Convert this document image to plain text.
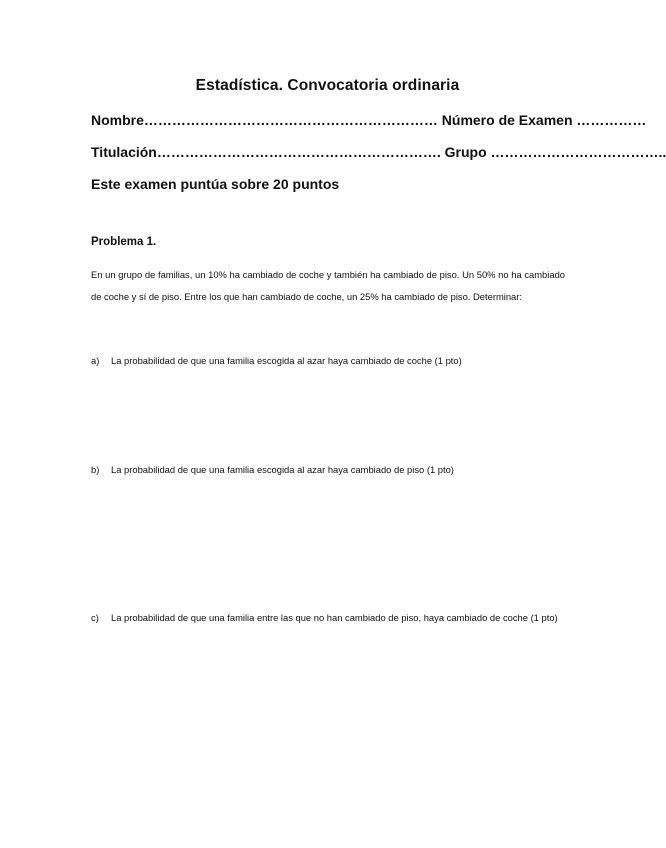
Estadística. Convocatoria ordinaria
Nombre……………………………………………………… Número de Examen ……………
Titulación……………………………………………………. Grupo ………………………………..
Este examen puntúa sobre 20 puntos
Problema 1.
En un grupo de familias, un 10% ha cambiado de coche y también ha cambiado de piso. Un 50% no ha cambiado de coche y sí de piso. Entre los que han cambiado de coche, un 25% ha cambiado de piso. Determinar:
a)	La probabilidad de que una familia escogida al azar haya cambiado de coche (1 pto)
b)	La probabilidad de que una familia escogida al azar haya cambiado de piso (1 pto)
c)	La probabilidad de que una familia entre las que no han cambiado de piso, haya cambiado de coche (1 pto)
